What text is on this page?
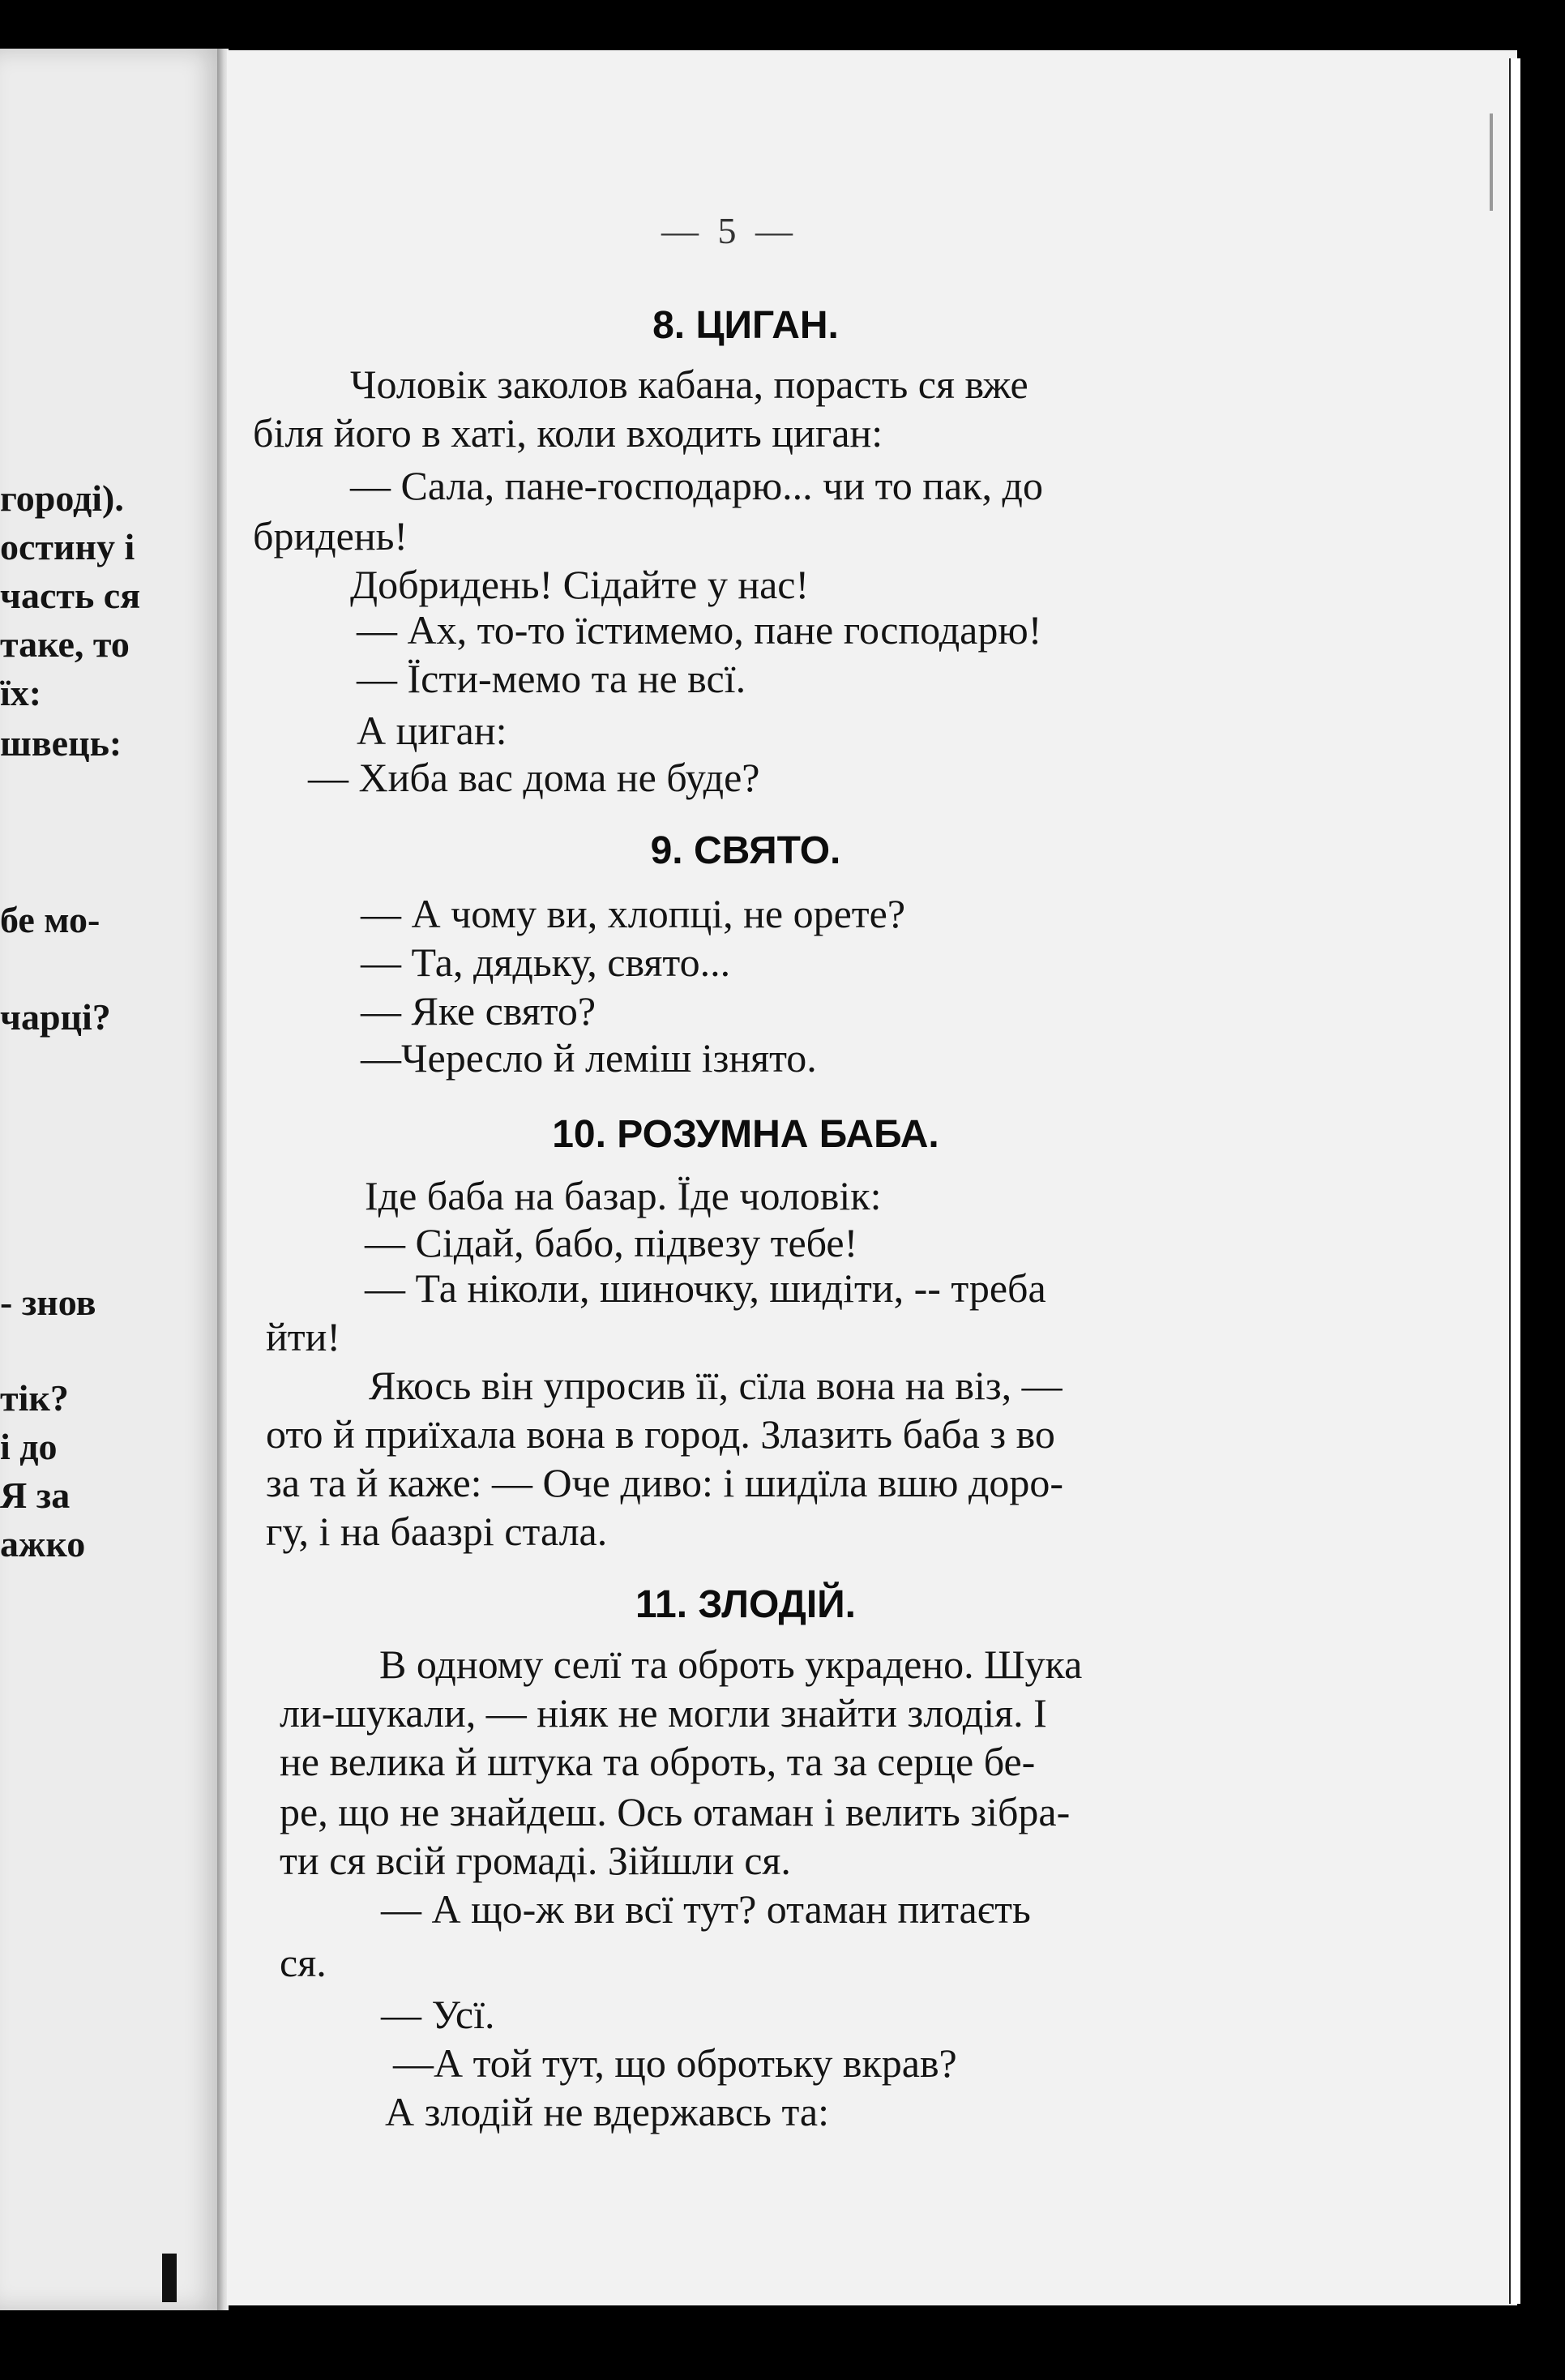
городі).
остину і
часть ся
таке, то
їх:
швець:
бе мо-
чарці?
- знов
тік?
і до
Я за
ажко
— 5 —
8. ЦИГАН.
Чоловік заколов кабана, порасть ся вже
біля його в хаті, коли входить циган:
— Сала, пане-господарю... чи то пак, до
бридень!
Добридень! Сідайте у нас!
— Ах, то-то їстимемо, пане господарю!
— Їсти-мемо та не всї.
А циган:
— Хиба вас дома не буде?
9. СВЯТО.
— А чому ви, хлопці, не орете?
— Та, дядьку, свято...
— Яке свято?
—Чересло й леміш ізнято.
10. РОЗУМНА БАБА.
Іде баба на базар. Їде чоловік:
— Сідай, бабо, підвезу тебе!
— Та ніколи, шиночку, шидіти, -- треба
йти!
Якось він упросив її, сїла вона на віз, —
ото й приїхала вона в город. Злазить баба з во
за та й каже: — Оче диво: і шидїла вшю доро-
гу, і на баазрі стала.
11. ЗЛОДІЙ.
В одному селї та оброть украдено. Шука
ли-шукали, — ніяк не могли знайти злодія. І
не велика й штука та оброть, та за серце бе-
ре, що не знайдеш. Ось отаман і велить зібра-
ти ся всій громаді. Зійшли ся.
— А що-ж ви всї тут? отаман питаєть
ся.
— Усї.
—А той тут, що обротьку вкрав?
А злодій не вдержавсь та:
